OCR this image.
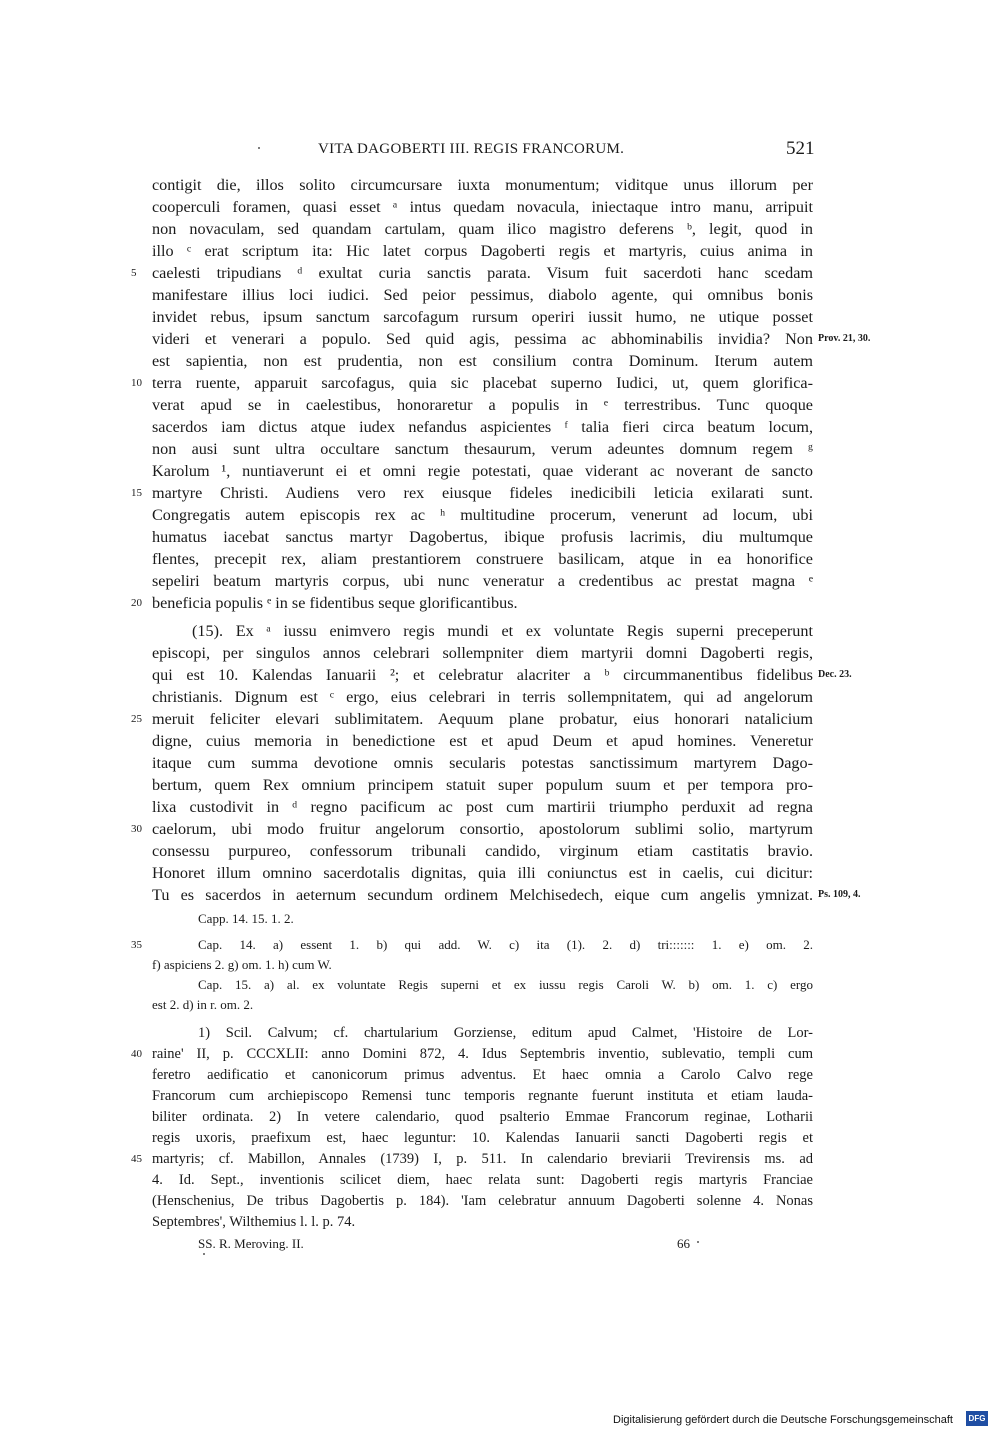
VITA DAGOBERTI III. REGIS FRANCORUM.	521
contigit die, illos solito circumcursare iuxta monumentum; viditque unus illorum per
cooperculi foramen, quasi esset ᵃ intus quedam novacula, iniectaque intro manu, arripuit
non novaculam, sed quandam cartulam, quam ilico magistro deferens ᵇ, legit, quod in
illo ᶜ erat scriptum ita: Hic latet corpus Dagoberti regis et martyris, cuius anima in
caelesti tripudians ᵈ exultat curia sanctis parata. Visum fuit sacerdoti hanc scedam
manifestare illius loci iudici. Sed peior pessimus, diabolo agente, qui omnibus bonis
invidet rebus, ipsum sanctum sarcofagum rursum operiri iussit humo, ne utique posset
videri et venerari a populo. Sed quid agis, pessima ac abhominabilis invidia? Non
est sapientia, non est prudentia, non est consilium contra Dominum. Iterum autem
terra ruente, apparuit sarcofagus, quia sic placebat superno Iudici, ut, quem glorifica-
verat apud se in caelestibus, honoraretur a populis in ᵉ terrestribus. Tunc quoque
sacerdos iam dictus atque iudex nefandus aspicientes ᶠ talia fieri circa beatum locum,
non ausi sunt ultra occultare sanctum thesaurum, verum adeuntes domnum regem ᵍ
Karolum ¹, nuntiaverunt ei et omni regie potestati, quae viderant ac noverant de sancto
martyre Christi. Audiens vero rex eiusque fideles inedicibili leticia exilarati sunt.
Congregatis autem episcopis rex ac ʰ multitudine procerum, venerunt ad locum, ubi
humatus iacebat sanctus martyr Dagobertus, ibique profusis lacrimis, diu multumque
flentes, precepit rex, aliam prestantiorem construere basilicam, atque in ea honorifice
sepeliri beatum martyris corpus, ubi nunc veneratur a credentibus ac prestat magna ᵉ
beneficia populis ᵉ in se fidentibus seque glorificantibus.
(15). Ex ᵃ iussu enimvero regis mundi et ex voluntate Regis superni preceperunt
episcopi, per singulos annos celebrari sollempniter diem martyrii domni Dagoberti regis,
qui est 10. Kalendas Ianuarii ²; et celebratur alacriter a ᵇ circummanentibus fidelibus
christianis. Dignum est ᶜ ergo, eius celebrari in terris sollempnitatem, qui ad angelorum
meruit feliciter elevari sublimitatem. Aequum plane probatur, eius honorari natalicium
digne, cuius memoria in benedictione est et apud Deum et apud homines. Veneretur
itaque cum summa devotione omnis secularis potestas sanctissimum martyrem Dago-
bertum, quem Rex omnium principem statuit super populum suum et per tempora pro-
lixa custodivit in ᵈ regno pacificum ac post cum martirii triumpho perduxit ad regna
caelorum, ubi modo fruitur angelorum consortio, apostolorum sublimi solio, martyrum
consessu purpureo, confessorum tribunali candido, virginum etiam castitatis bravio.
Honoret illum omnino sacerdotalis dignitas, quia illi coniunctus est in caelis, cui dicitur:
Tu es sacerdos in aeternum secundum ordinem Melchisedech, eique cum angelis ymnizat.
5
10
15
20
25
30
35
40
45
Prov. 21, 30.
Dec. 23.
Ps. 109, 4.
Capp. 14. 15. 1. 2.
Cap. 14. a) essent 1. b) qui add. W. c) ita (1). 2. d) tri::::::: 1. e) om. 2.
f) aspiciens 2. g) om. 1. h) cum W.
Cap. 15. a) al. ex voluntate Regis superni et ex iussu regis Caroli W. b) om. 1. c) ergo
est 2. d) in r. om. 2.
1) Scil. Calvum; cf. chartularium Gorziense, editum apud Calmet, 'Histoire de Lor-
raine' II, p. CCCXLII: anno Domini 872, 4. Idus Septembris inventio, sublevatio, templi cum
feretro aedificatio et canonicorum primus adventus. Et haec omnia a Carolo Calvo rege
Francorum cum archiepiscopo Remensi tunc temporis regnante fuerunt instituta et etiam lauda-
biliter ordinata. 2) In vetere calendario, quod psalterio Emmae Francorum reginae, Lotharii
regis uxoris, praefixum est, haec leguntur: 10. Kalendas Ianuarii sancti Dagoberti regis et
martyris; cf. Mabillon, Annales (1739) I, p. 511. In calendario breviarii Trevirensis ms. ad
4. Id. Sept., inventionis scilicet diem, haec relata sunt: Dagoberti regis martyris Franciae
(Henschenius, De tribus Dagobertis p. 184). 'Iam celebratur annuum Dagoberti solenne 4. Nonas
Septembres', Wilthemius l. l. p. 74.
SS. R. Meroving. II.	66
Digitalisierung gefördert durch die Deutsche Forschungsgemeinschaft	DFG
